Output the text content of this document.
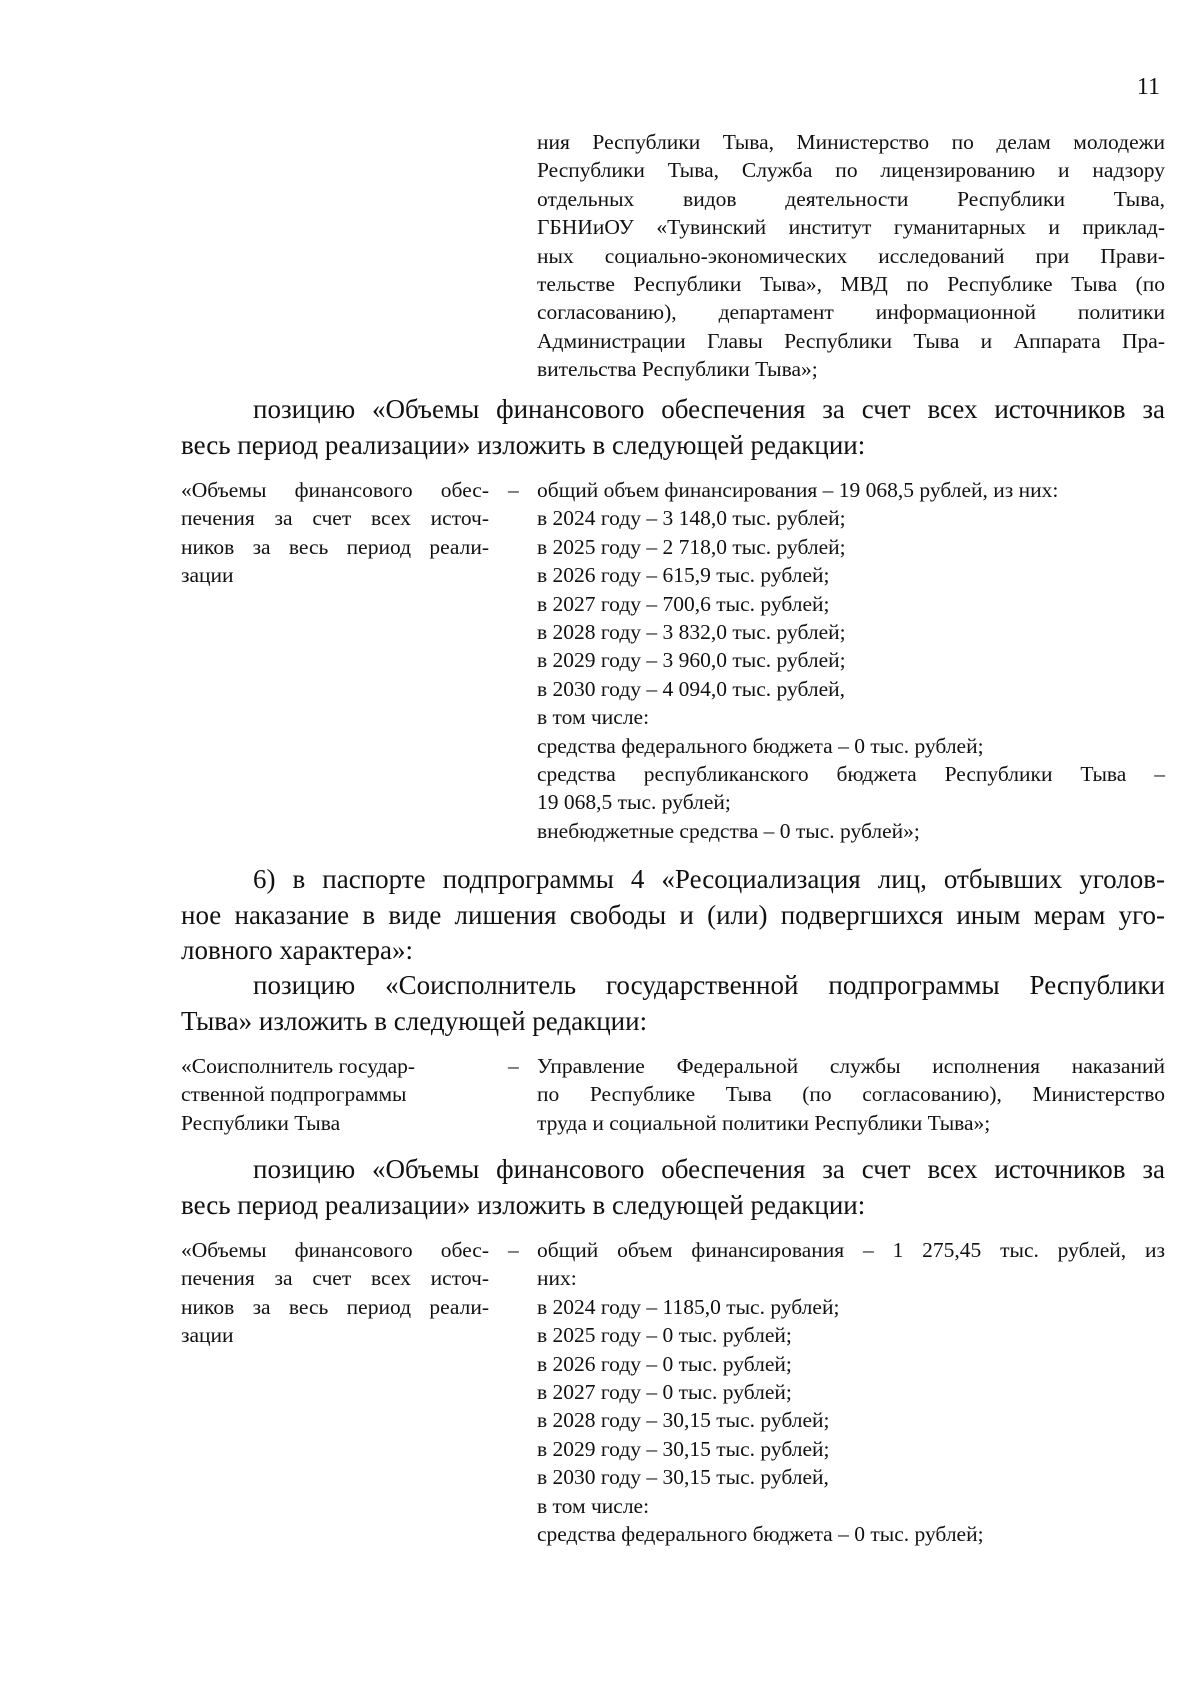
11
ния Республики Тыва, Министерство по делам молодежи
Республики Тыва, Служба по лицензированию и надзору
отдельных видов деятельности Республики Тыва,
ГБНИиОУ «Тувинский институт гуманитарных и приклад-
ных социально-экономических исследований при Прави-
тельстве Республики Тыва», МВД по Республике Тыва (по
согласованию), департамент информационной политики
Администрации Главы Республики Тыва и Аппарата Пра-
вительства Республики Тыва»;
позицию «Объемы финансового обеспечения за счет всех источников за
весь период реализации» изложить в следующей редакции:
«Объемы финансового обес-
печения за счет всех источ-
ников за весь период реали-
зации
– общий объем финансирования – 19 068,5 рублей, из них:
в 2024 году – 3 148,0 тыс. рублей;
в 2025 году – 2 718,0 тыс. рублей;
в 2026 году – 615,9 тыс. рублей;
в 2027 году – 700,6 тыс. рублей;
в 2028 году – 3 832,0 тыс. рублей;
в 2029 году – 3 960,0 тыс. рублей;
в 2030 году – 4 094,0 тыс. рублей,
в том числе:
средства федерального бюджета – 0 тыс. рублей;
средства республиканского бюджета Республики Тыва –
19 068,5 тыс. рублей;
внебюджетные средства – 0 тыс. рублей»;
6) в паспорте подпрограммы 4 «Ресоциализация лиц, отбывших уголов-
ное наказание в виде лишения свободы и (или) подвергшихся иным мерам уго-
ловного характера»:
позицию «Соисполнитель государственной подпрограммы Республики
Тыва» изложить в следующей редакции:
«Соисполнитель государ-
ственной подпрограммы
Республики Тыва
– Управление Федеральной службы исполнения наказаний
по Республике Тыва (по согласованию), Министерство
труда и социальной политики Республики Тыва»;
позицию «Объемы финансового обеспечения за счет всех источников за
весь период реализации» изложить в следующей редакции:
«Объемы финансового обес-
печения за счет всех источ-
ников за весь период реали-
зации
– общий объем финансирования – 1 275,45 тыс. рублей, из
них:
в 2024 году – 1185,0 тыс. рублей;
в 2025 году – 0 тыс. рублей;
в 2026 году – 0 тыс. рублей;
в 2027 году – 0 тыс. рублей;
в 2028 году – 30,15 тыс. рублей;
в 2029 году – 30,15 тыс. рублей;
в 2030 году – 30,15 тыс. рублей,
в том числе:
средства федерального бюджета – 0 тыс. рублей;
